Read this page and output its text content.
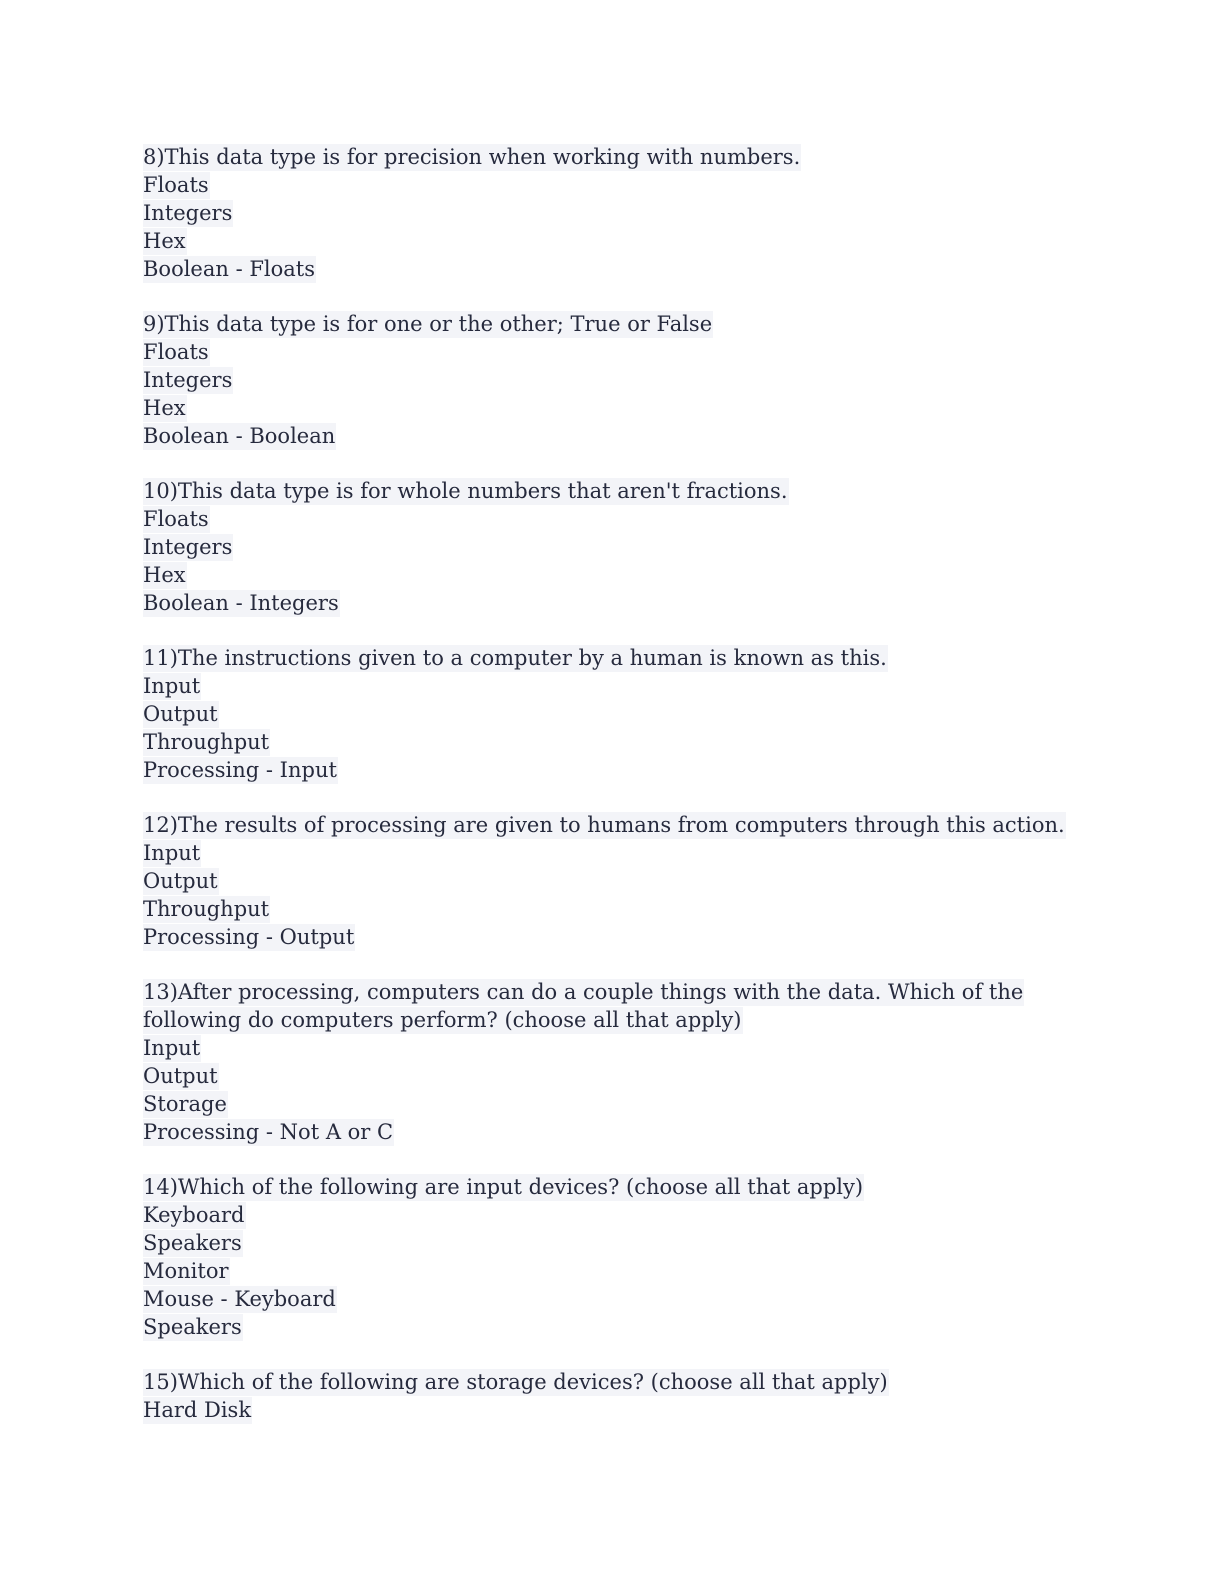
8)This data type is for precision when working with numbers.
Floats
Integers
Hex
Boolean - Floats
9)This data type is for one or the other; True or False
Floats
Integers
Hex
Boolean - Boolean
10)This data type is for whole numbers that aren't fractions.
Floats
Integers
Hex
Boolean - Integers
11)The instructions given to a computer by a human is known as this.
Input
Output
Throughput
Processing - Input
12)The results of processing are given to humans from computers through this action.
Input
Output
Throughput
Processing - Output
13)After processing, computers can do a couple things with the data. Which of the
following do computers perform? (choose all that apply)
Input
Output
Storage
Processing - Not A or C
14)Which of the following are input devices? (choose all that apply)
Keyboard
Speakers
Monitor
Mouse - Keyboard
Speakers
15)Which of the following are storage devices? (choose all that apply)
Hard Disk
